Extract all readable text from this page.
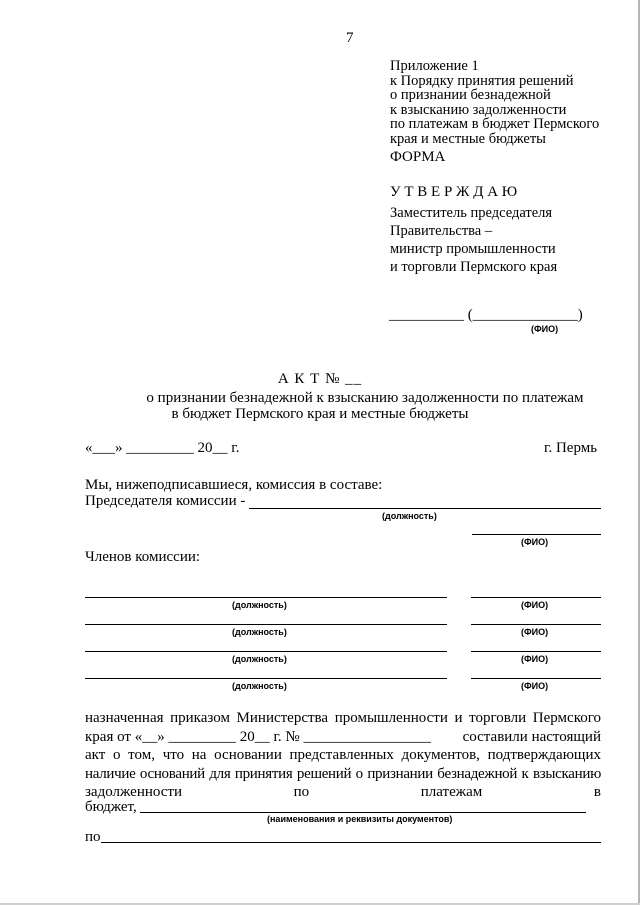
7
Приложение 1
к Порядку принятия решений
о признании безнадежной
к взысканию задолженности
по платежам в бюджет Пермского
края и местные бюджеты
ФОРМА
У Т В Е Р Ж Д А Ю
Заместитель председателя
Правительства –
министр промышленности
и торговли Пермского края
__________ (______________)
(ФИО)
А К Т № __
о признании безнадежной к взысканию задолженности по платежам
в бюджет Пермского края и местные бюджеты
«___» _________ 20__ г.	г. Пермь
Мы, нижеподписавшиеся, комиссия в составе:
Председателя комиссии -
(должность)
(ФИО)
Членов комиссии:
(должность)	(ФИО)
(должность)	(ФИО)
(должность)	(ФИО)
(должность)	(ФИО)
назначенная приказом Министерства промышленности и торговли Пермского
края от «__» _________ 20__ г. № _________________ составили настоящий
акт о том, что на основании представленных документов, подтверждающих
наличие оснований для принятия решений о признании безнадежной к взысканию
задолженности	по	платежам	в
бюджет,
(наименования и реквизиты документов)
по
